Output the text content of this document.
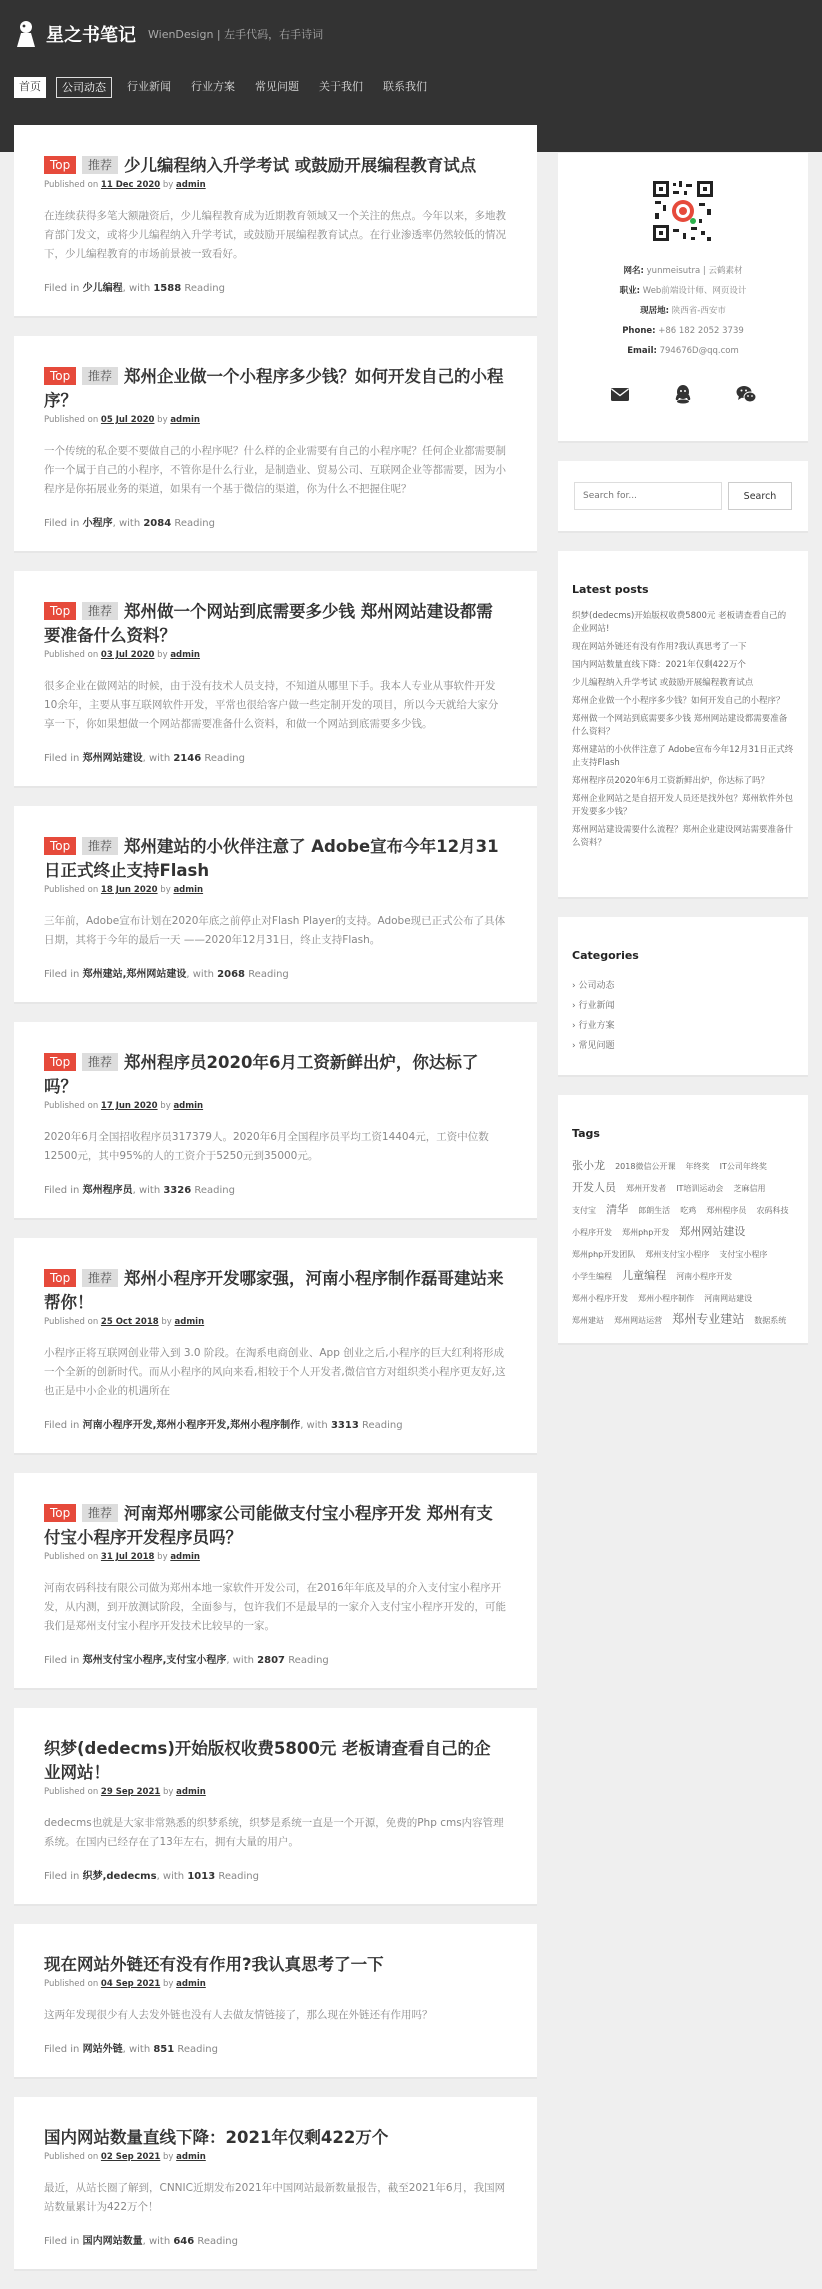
星之书笔记 WienDesign | 左手代码，右手诗词
首页	公司动态	行业新闻	行业方案	常见问题	关于我们	联系我们
Top 推荐 少儿编程纳入升学考试 或鼓励开展编程教育试点
Published on 11 Dec 2020 by admin
在连续获得多笔大额融资后，少儿编程教育成为近期教育领域又一个关注的焦点。今年以来，多地教育部门发文，或将少儿编程纳入升学考试，或鼓励开展编程教育试点。在行业渗透率仍然较低的情况下，少儿编程教育的市场前景被一致看好。
Filed in 少儿编程, with 1588 Reading
Top 推荐 郑州企业做一个小程序多少钱？如何开发自己的小程序？
Published on 05 Jul 2020 by admin
一个传统的私企要不要做自己的小程序呢？什么样的企业需要有自己的小程序呢？任何企业都需要制作一个属于自己的小程序，不管你是什么行业，是制造业、贸易公司、互联网企业等都需要，因为小程序是你拓展业务的渠道，如果有一个基于微信的渠道，你为什么不把握住呢？
Filed in 小程序, with 2084 Reading
Top 推荐 郑州做一个网站到底需要多少钱 郑州网站建设都需要准备什么资料？
Published on 03 Jul 2020 by admin
很多企业在做网站的时候，由于没有技术人员支持，不知道从哪里下手。我本人专业从事软件开发10余年，主要从事互联网软件开发，平常也很给客户做一些定制开发的项目，所以今天就给大家分享一下，你如果想做一个网站都需要准备什么资料，和做一个网站到底需要多少钱。
Filed in 郑州网站建设, with 2146 Reading
Top 推荐 郑州建站的小伙伴注意了 Adobe宣布今年12月31日正式终止支持Flash
Published on 18 Jun 2020 by admin
三年前，Adobe宣布计划在2020年底之前停止对Flash Player的支持。Adobe现已正式公布了具体日期，其将于今年的最后一天 ——2020年12月31日，终止支持Flash。
Filed in 郑州建站,郑州网站建设, with 2068 Reading
Top 推荐 郑州程序员2020年6月工资新鲜出炉，你达标了吗？
Published on 17 Jun 2020 by admin
2020年6月全国招收程序员317379人。2020年6月全国程序员平均工资14404元，工资中位数12500元，其中95%的人的工资介于5250元到35000元。
Filed in 郑州程序员, with 3326 Reading
Top 推荐 郑州小程序开发哪家强，河南小程序制作磊哥建站来帮你！
Published on 25 Oct 2018 by admin
小程序正将互联网创业带入到 3.0 阶段。在淘系电商创业、App 创业之后,小程序的巨大红利将形成一个全新的创新时代。而从小程序的风向来看,相较于个人开发者,微信官方对组织类小程序更友好,这也正是中小企业的机遇所在
Filed in 河南小程序开发,郑州小程序开发,郑州小程序制作, with 3313 Reading
Top 推荐 河南郑州哪家公司能做支付宝小程序开发 郑州有支付宝小程序开发程序员吗？
Published on 31 Jul 2018 by admin
河南农码科技有限公司做为郑州本地一家软件开发公司，在2016年年底及早的介入支付宝小程序开发，从内测，到开放测试阶段，全面参与，包许我们不是最早的一家介入支付宝小程序开发的，可能我们是郑州支付宝小程序开发技术比较早的一家。
Filed in 郑州支付宝小程序,支付宝小程序, with 2807 Reading
织梦(dedecms)开始版权收费5800元 老板请查看自己的企业网站！
Published on 29 Sep 2021 by admin
dedecms也就是大家非常熟悉的织梦系统，织梦是系统一直是一个开源，免费的Php cms内容管理系统。在国内已经存在了13年左右，拥有大量的用户。
Filed in 织梦,dedecms, with 1013 Reading
现在网站外链还有没有作用?我认真思考了一下
Published on 04 Sep 2021 by admin
这两年发现很少有人去发外链也没有人去做友情链接了，那么现在外链还有作用吗？
Filed in 网站外链, with 851 Reading
国内网站数量直线下降：2021年仅剩422万个
Published on 02 Sep 2021 by admin
最近，从站长圈了解到，CNNIC近期发布2021年中国网站最新数量报告，截至2021年6月，我国网站数量累计为422万个！
Filed in 国内网站数量, with 646 Reading
网名: yunmeisutra | 云鹤素材
职业: Web前端设计师、网页设计
现居地: 陕西省-西安市
Phone: +86 182 2052 3739
Email: 794676D@qq.com
Search for...
Search
Latest posts
织梦(dedecms)开始版权收费5800元 老板请查看自己的企业网站!
现在网站外链还有没有作用?我认真思考了一下
国内网站数量直线下降：2021年仅剩422万个
少儿编程纳入升学考试 或鼓励开展编程教育试点
郑州企业做一个小程序多少钱？如何开发自己的小程序？
郑州做一个网站到底需要多少钱 郑州网站建设都需要准备什么资料？
郑州建站的小伙伴注意了 Adobe宣布今年12月31日正式终止支持Flash
郑州程序员2020年6月工资新鲜出炉，你达标了吗？
郑州企业网站之是自招开发人员还是找外包？郑州软件外包开发要多少钱？
郑州网站建设需要什么流程？郑州企业建设网站需要准备什么资料？
Categories
› 公司动态
› 行业新闻
› 行业方案
› 常见问题
Tags
张小龙 2018微信公开课 年终奖 IT公司年终奖 开发人员 郑州开发者 IT培训运动会 芝麻信用 支付宝 清华 郎朗生活 吃鸡 郑州程序员 农码科技 小程序开发 郑州php开发 郑州网站建设 郑州php开发团队 郑州支付宝小程序 支付宝小程序 小学生编程 儿童编程 河南小程序开发 郑州小程序开发 郑州小程序制作 河南网站建设 郑州建站 郑州网站运营 郑州专业建站 数据系统
